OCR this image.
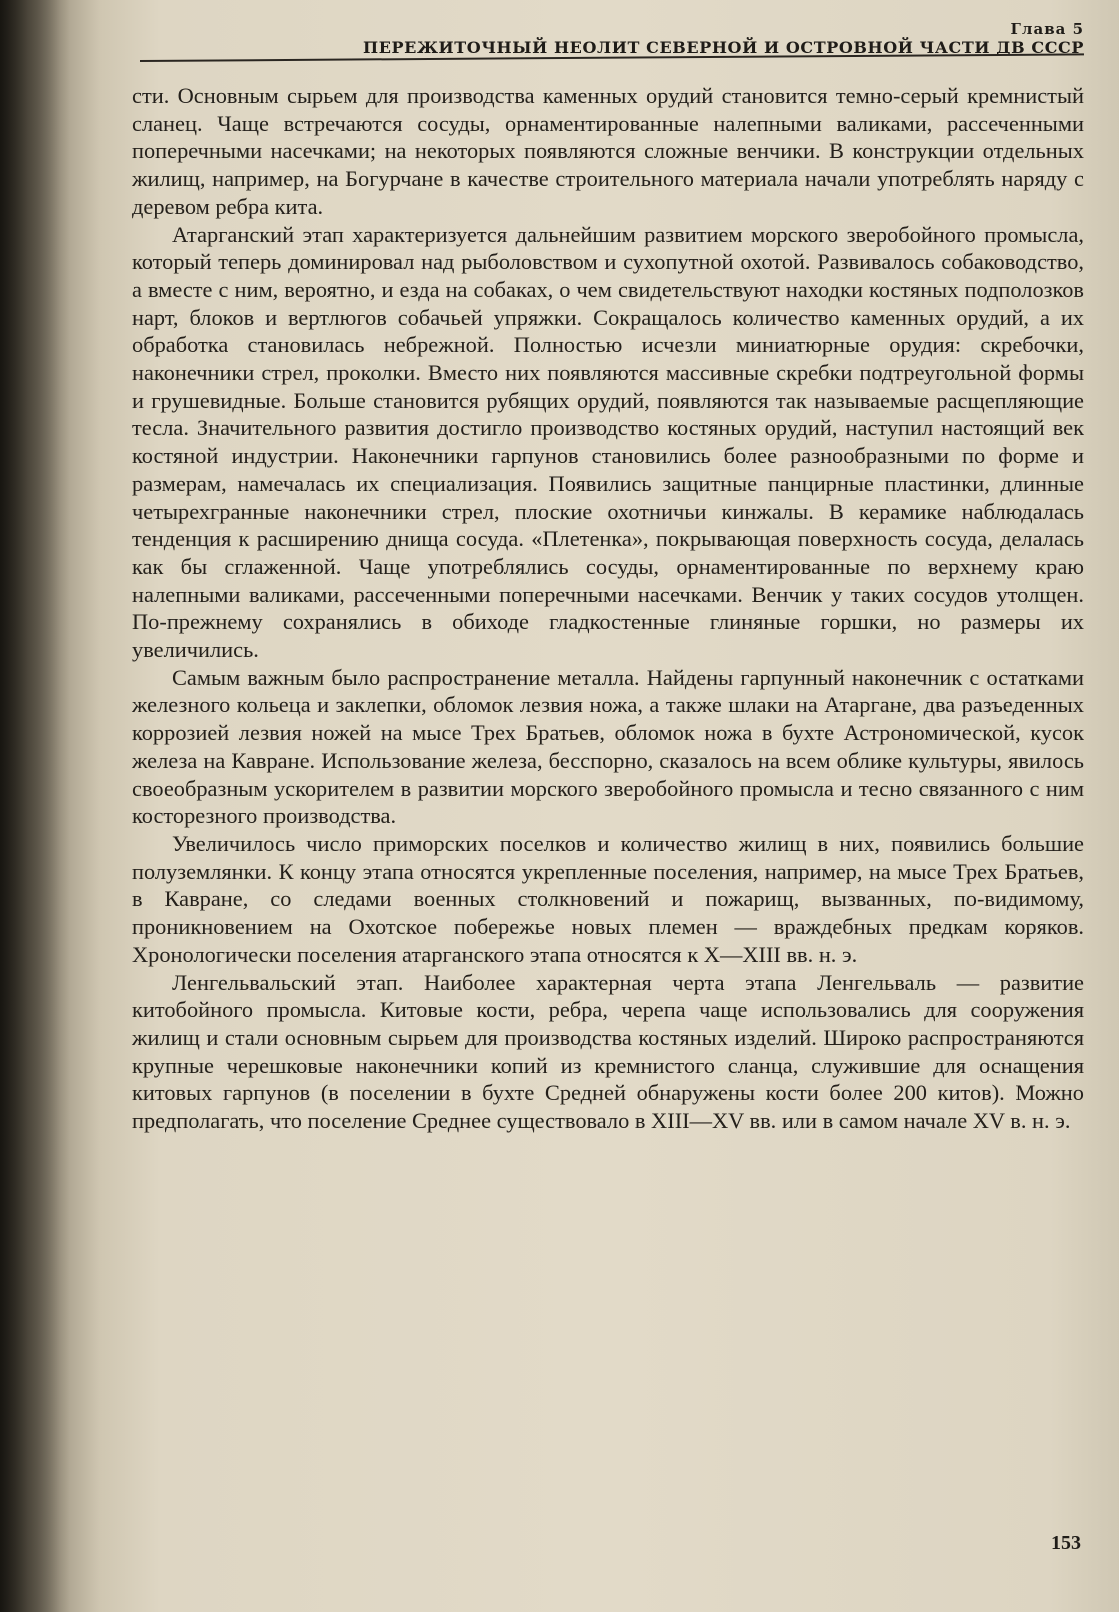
Глава 5
ПЕРЕЖИТОЧНЫЙ НЕОЛИТ СЕВЕРНОЙ И ОСТРОВНОЙ ЧАСТИ ДВ СССР

сти. Основным сырьем для производства каменных орудий становится темно-серый кремнистый сланец. Чаще встречаются сосуды, орнаментированные налепными валиками, рассеченными поперечными насечками; на некоторых появляются сложные венчики. В конструкции отдельных жилищ, например, на Богурчане в качестве строительного материала начали употреблять наряду с деревом ребра кита.

Атарганский этап характеризуется дальнейшим развитием морского зверобойного промысла, который теперь доминировал над рыболовством и сухопутной охотой. Развивалось собаководство, а вместе с ним, вероятно, и езда на собаках, о чем свидетельствуют находки костяных подполозков нарт, блоков и вертлюгов собачьей упряжки. Сокращалось количество каменных орудий, а их обработка становилась небрежной. Полностью исчезли миниатюрные орудия: скребочки, наконечники стрел, проколки. Вместо них появляются массивные скребки подтреугольной формы и грушевидные. Больше становится рубящих орудий, появляются так называемые расщепляющие тесла. Значительного развития достигло производство костяных орудий, наступил настоящий век костяной индустрии. Наконечники гарпунов становились более разнообразными по форме и размерам, намечалась их специализация. Появились защитные панцирные пластинки, длинные четырехгранные наконечники стрел, плоские охотничьи кинжалы. В керамике наблюдалась тенденция к расширению днища сосуда. «Плетенка», покрывающая поверхность сосуда, делалась как бы сглаженной. Чаще употреблялись сосуды, орнаментированные по верхнему краю налепными валиками, рассеченными поперечными насечками. Венчик у таких сосудов утолщен. По-прежнему сохранялись в обиходе гладкостенные глиняные горшки, но размеры их увеличились.

Самым важным было распространение металла. Найдены гарпунный наконечник с остатками железного кольеца и заклепки, обломок лезвия ножа, а также шлаки на Атаргане, два разъеденных коррозией лезвия ножей на мысе Трех Братьев, обломок ножа в бухте Астрономической, кусок железа на Кавранe. Использование железа, бесспорно, сказалось на всем облике культуры, явилось своеобразным ускорителем в развитии морского зверобойного промысла и тесно связанного с ним косторезного производства.

Увеличилось число приморских поселков и количество жилищ в них, появились большие полуземлянки. К концу этапа относятся укрепленные поселения, например, на мысе Трех Братьев, в Кавране, со следами военных столкновений и пожарищ, вызванных, по-видимому, проникновением на Охотское побережье новых племен — враждебных предкам коряков. Хронологически поселения атарганского этапа относятся к X—XIII вв. н. э.

Ленгельвальский этап. Наиболее характерная черта этапа Ленгельваль — развитие китобойного промысла. Китовые кости, ребра, черепа чаще использовались для сооружения жилищ и стали основным сырьем для производства костяных изделий. Широко распространяются крупные черешковые наконечники копий из кремнистого сланца, служившие для оснащения китовых гарпунов (в поселении в бухте Средней обнаружены кости более 200 китов). Можно предполагать, что поселение Среднее существовало в XIII—XV вв. или в самом начале XV в. н. э.

153
